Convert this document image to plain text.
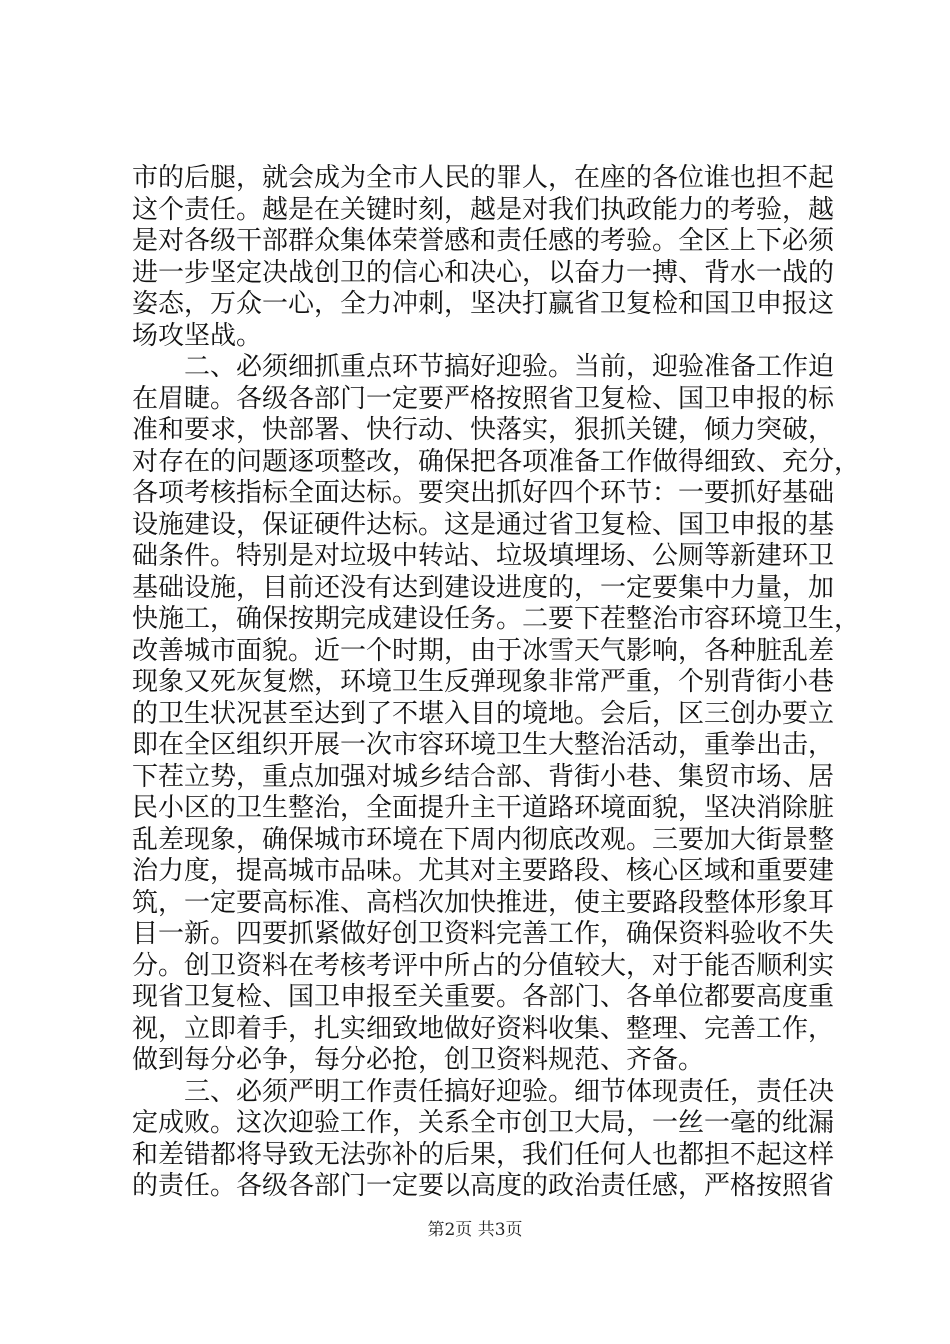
市的后腿，就会成为全市人民的罪人，在座的各位谁也担不起
这个责任。越是在关键时刻，越是对我们执政能力的考验，越
是对各级干部群众集体荣誉感和责任感的考验。全区上下必须
进一步坚定决战创卫的信心和决心，以奋力一搏、背水一战的
姿态，万众一心，全力冲刺，坚决打赢省卫复检和国卫申报这
场攻坚战。
　　二、必须细抓重点环节搞好迎验。当前，迎验准备工作迫
在眉睫。各级各部门一定要严格按照省卫复检、国卫申报的标
准和要求，快部署、快行动、快落实，狠抓关键，倾力突破，
对存在的问题逐项整改，确保把各项准备工作做得细致、充分，
各项考核指标全面达标。要突出抓好四个环节：一要抓好基础
设施建设，保证硬件达标。这是通过省卫复检、国卫申报的基
础条件。特别是对垃圾中转站、垃圾填埋场、公厕等新建环卫
基础设施，目前还没有达到建设进度的，一定要集中力量，加
快施工，确保按期完成建设任务。二要下茬整治市容环境卫生，
改善城市面貌。近一个时期，由于冰雪天气影响，各种脏乱差
现象又死灰复燃，环境卫生反弹现象非常严重，个别背街小巷
的卫生状况甚至达到了不堪入目的境地。会后，区三创办要立
即在全区组织开展一次市容环境卫生大整治活动，重拳出击，
下茬立势，重点加强对城乡结合部、背街小巷、集贸市场、居
民小区的卫生整治，全面提升主干道路环境面貌，坚决消除脏
乱差现象，确保城市环境在下周内彻底改观。三要加大街景整
治力度，提高城市品味。尤其对主要路段、核心区域和重要建
筑，一定要高标准、高档次加快推进，使主要路段整体形象耳
目一新。四要抓紧做好创卫资料完善工作，确保资料验收不失
分。创卫资料在考核考评中所占的分值较大，对于能否顺利实
现省卫复检、国卫申报至关重要。各部门、各单位都要高度重
视，立即着手，扎实细致地做好资料收集、整理、完善工作，
做到每分必争，每分必抢，创卫资料规范、齐备。
　　三、必须严明工作责任搞好迎验。细节体现责任，责任决
定成败。这次迎验工作，关系全市创卫大局，一丝一毫的纰漏
和差错都将导致无法弥补的后果，我们任何人也都担不起这样
的责任。各级各部门一定要以高度的政治责任感，严格按照省
第2页 共3页
